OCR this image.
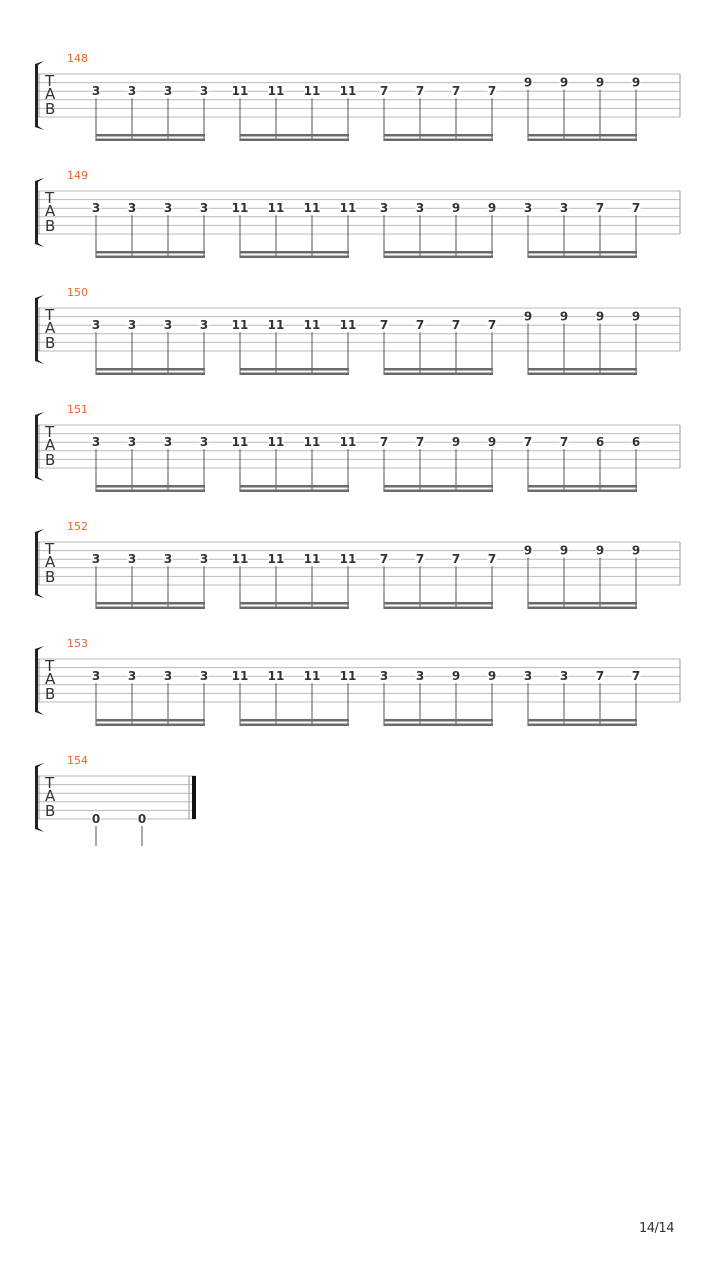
T
A
B
148
3 3 3 3 11 11 11 11 7 7 7 7
9 9 9 9
T
A
B
149
3 3 3 3 11 11 11 11 3 3 9 9 3 3 7 7
T
A
B
150
3 3 3 3 11 11 11 11 7 7 7 7
9 9 9 9
T
A
B
151
3 3 3 3 11 11 11 11 7 7 9 9 7 7 6 6
T
A
B
152
3 3 3 3 11 11 11 11 7 7 7 7
9 9 9 9
T
A
B
153
3 3 3 3 11 11 11 11 3 3 9 9 3 3 7 7
T
A
B
154
0	0
14/14
